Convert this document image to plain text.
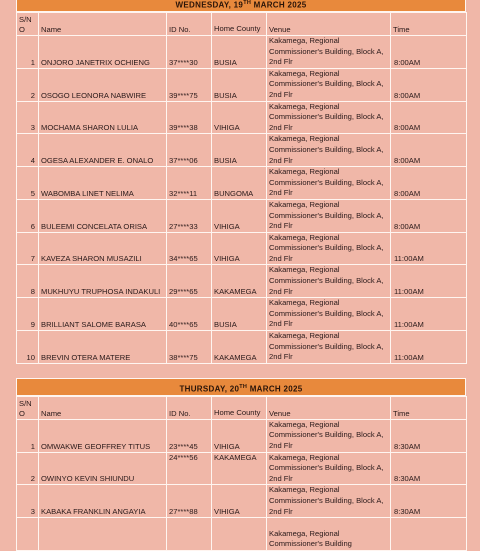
WEDNESDAY, 19TH MARCH 2025
S/NO	Name	ID No.	Home County	Venue	Time
1	ONJORO JANETRIX OCHIENG	37****30	BUSIA	Kakamega, Regional Commissioner's Building, Block A, 2nd Flr	8:00AM
2	OSOGO LEONORA NABWIRE	39****75	BUSIA	Kakamega, Regional Commissioner's Building, Block A, 2nd Flr	8:00AM
3	MOCHAMA SHARON LULIA	39****38	VIHIGA	Kakamega, Regional Commissioner's Building, Block A, 2nd Flr	8:00AM
4	OGESA ALEXANDER E. ONALO	37****06	BUSIA	Kakamega, Regional Commissioner's Building, Block A, 2nd Flr	8:00AM
5	WABOMBA LINET NELIMA	32****11	BUNGOMA	Kakamega, Regional Commissioner's Building, Block A, 2nd Flr	8:00AM
6	BULEEMI CONCELATA ORISA	27****33	VIHIGA	Kakamega, Regional Commissioner's Building, Block A, 2nd Flr	8:00AM
7	KAVEZA SHARON MUSAZILI	34****65	VIHIGA	Kakamega, Regional Commissioner's Building, Block A, 2nd Flr	11:00AM
8	MUKHUYU TRUPHOSA INDAKULI	29****65	KAKAMEGA	Kakamega, Regional Commissioner's Building, Block A, 2nd Flr	11:00AM
9	BRILLIANT SALOME BARASA	40****65	BUSIA	Kakamega, Regional Commissioner's Building, Block A, 2nd Flr	11:00AM
10	BREVIN OTERA MATERE	38****75	KAKAMEGA	Kakamega, Regional Commissioner's Building, Block A, 2nd Flr	11:00AM
THURSDAY, 20TH MARCH 2025
S/NO	Name	ID No.	Home County	Venue	Time
1	OMWAKWE GEOFFREY TITUS	23****45	VIHIGA	Kakamega, Regional Commissioner's Building, Block A, 2nd Flr	8:30AM
2	OWINYO KEVIN SHIUNDU	24****56	KAKAMEGA	Kakamega, Regional Commissioner's Building, Block A, 2nd Flr	8:30AM
3	KABAKA FRANKLIN ANGAYIA	27****88	VIHIGA	Kakamega, Regional Commissioner's Building, Block A, 2nd Flr	8:30AM
				Kakamega, Regional Commissioner's Building	
